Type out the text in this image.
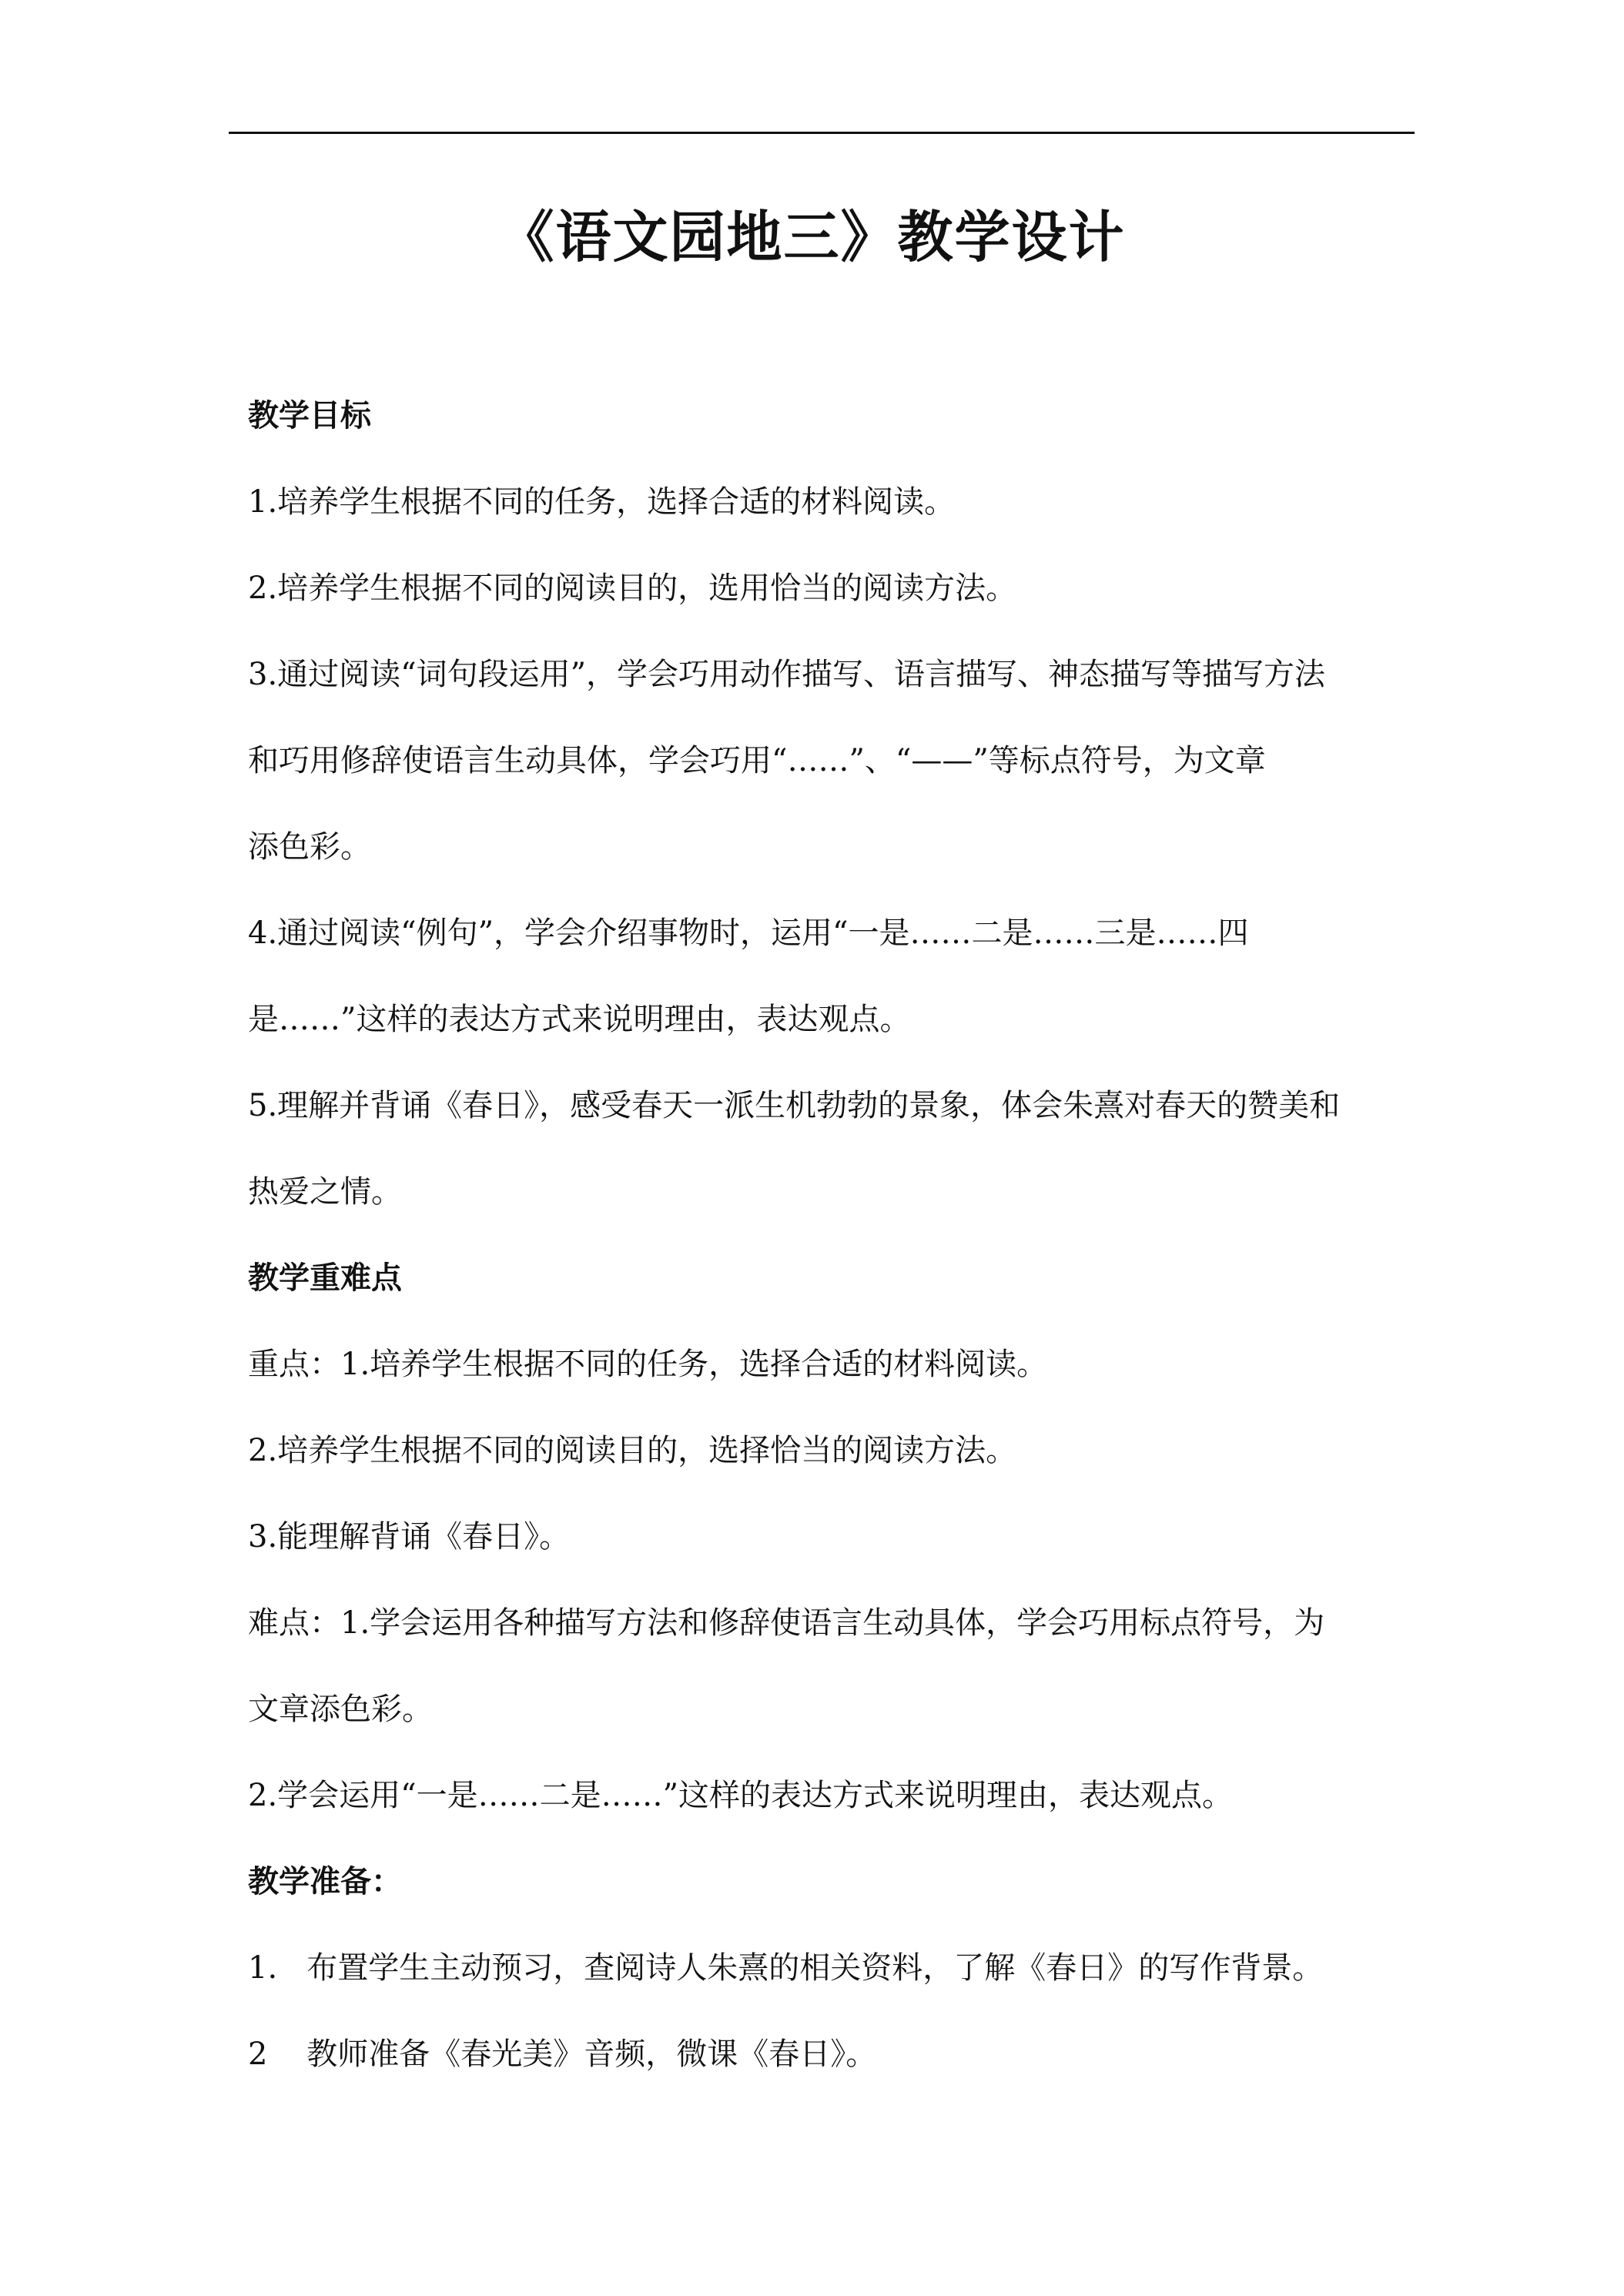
《语文园地三》教学设计
教学目标
1.培养学生根据不同的任务，选择合适的材料阅读。
2.培养学生根据不同的阅读目的，选用恰当的阅读方法。
3.通过阅读“词句段运用”，学会巧用动作描写、语言描写、神态描写等描写方法
和巧用修辞使语言生动具体，学会巧用“……”、“——”等标点符号，为文章
添色彩。
4.通过阅读“例句”，学会介绍事物时，运用“一是……二是……三是……四
是……”这样的表达方式来说明理由，表达观点。
5.理解并背诵《春日》，感受春天一派生机勃勃的景象，体会朱熹对春天的赞美和
热爱之情。
教学重难点
重点：1.培养学生根据不同的任务，选择合适的材料阅读。
2.培养学生根据不同的阅读目的，选择恰当的阅读方法。
3.能理解背诵《春日》。
难点：1.学会运用各种描写方法和修辞使语言生动具体，学会巧用标点符号，为
文章添色彩。
2.学会运用“一是……二是……”这样的表达方式来说明理由，表达观点。
教学准备：
1.   布置学生主动预习，查阅诗人朱熹的相关资料，了解《春日》的写作背景。
2    教师准备《春光美》音频，微课《春日》。
